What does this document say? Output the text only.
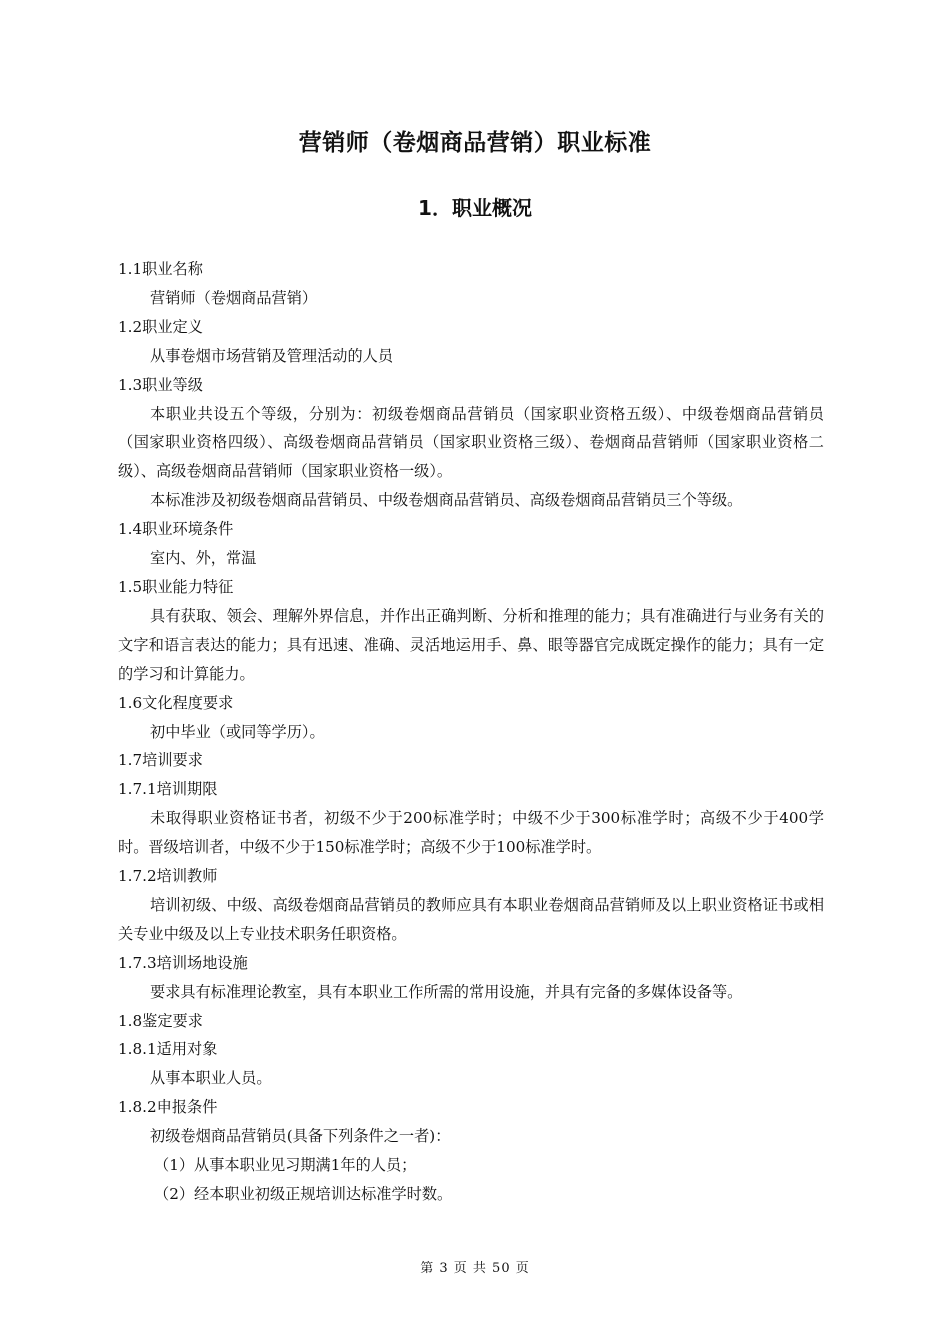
营销师（卷烟商品营销）职业标准
1．职业概况

1.1职业名称

营销师（卷烟商品营销）

1.2职业定义

从事卷烟市场营销及管理活动的人员

1.3职业等级

本职业共设五个等级，分别为：初级卷烟商品营销员（国家职业资格五级）、中级卷烟商品营销员（国家职业资格四级）、高级卷烟商品营销员（国家职业资格三级）、卷烟商品营销师（国家职业资格二级）、高级卷烟商品营销师（国家职业资格一级）。

本标准涉及初级卷烟商品营销员、中级卷烟商品营销员、高级卷烟商品营销员三个等级。

1.4职业环境条件

室内、外，常温

1.5职业能力特征

具有获取、领会、理解外界信息，并作出正确判断、分析和推理的能力；具有准确进行与业务有关的文字和语言表达的能力；具有迅速、准确、灵活地运用手、鼻、眼等器官完成既定操作的能力；具有一定的学习和计算能力。

1.6文化程度要求

初中毕业（或同等学历）。

1.7培训要求

1.7.1培训期限

未取得职业资格证书者，初级不少于200标准学时；中级不少于300标准学时；高级不少于400学时。晋级培训者，中级不少于150标准学时；高级不少于100标准学时。

1.7.2培训教师

培训初级、中级、高级卷烟商品营销员的教师应具有本职业卷烟商品营销师及以上职业资格证书或相关专业中级及以上专业技术职务任职资格。

1.7.3培训场地设施

要求具有标准理论教室，具有本职业工作所需的常用设施，并具有完备的多媒体设备等。

1.8鉴定要求

1.8.1适用对象

从事本职业人员。

1.8.2申报条件

初级卷烟商品营销员(具备下列条件之一者)：

（1）从事本职业见习期满1年的人员；

（2）经本职业初级正规培训达标准学时数。

第 3 页 共 50 页
